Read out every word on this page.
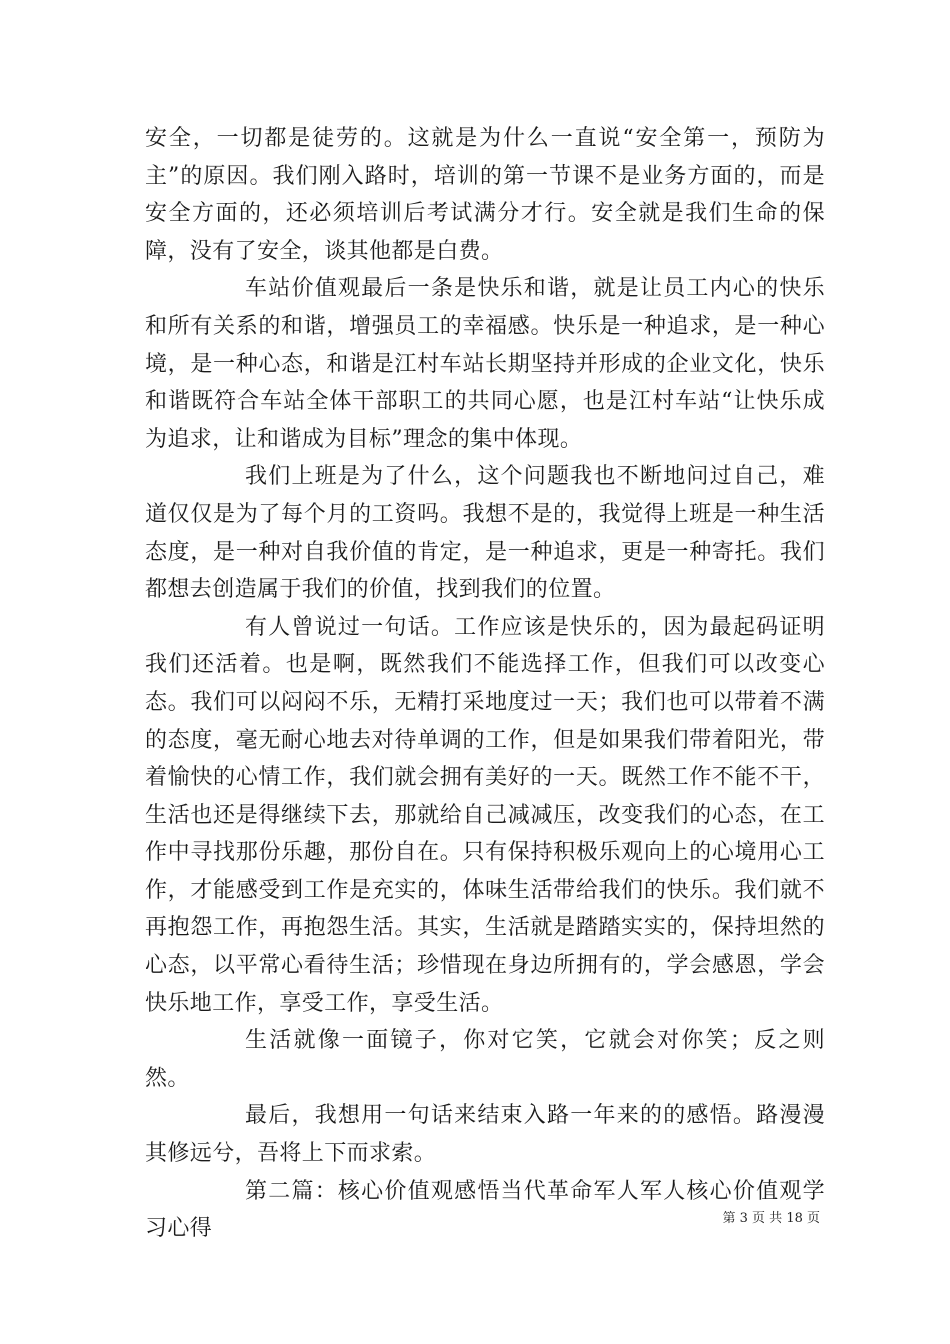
安全，一切都是徒劳的。这就是为什么一直说“安全第一，预防为主”的原因。我们刚入路时，培训的第一节课不是业务方面的，而是安全方面的，还必须培训后考试满分才行。安全就是我们生命的保障，没有了安全，谈其他都是白费。

车站价值观最后一条是快乐和谐，就是让员工内心的快乐和所有关系的和谐，增强员工的幸福感。快乐是一种追求，是一种心境，是一种心态，和谐是江村车站长期坚持并形成的企业文化，快乐和谐既符合车站全体干部职工的共同心愿，也是江村车站“让快乐成为追求，让和谐成为目标”理念的集中体现。

我们上班是为了什么，这个问题我也不断地问过自己，难道仅仅是为了每个月的工资吗。我想不是的，我觉得上班是一种生活态度，是一种对自我价值的肯定，是一种追求，更是一种寄托。我们都想去创造属于我们的价值，找到我们的位置。

有人曾说过一句话。工作应该是快乐的，因为最起码证明我们还活着。也是啊，既然我们不能选择工作，但我们可以改变心态。我们可以闷闷不乐，无精打采地度过一天；我们也可以带着不满的态度，毫无耐心地去对待单调的工作，但是如果我们带着阳光，带着愉快的心情工作，我们就会拥有美好的一天。既然工作不能不干，生活也还是得继续下去，那就给自己减减压，改变我们的心态，在工作中寻找那份乐趣，那份自在。只有保持积极乐观向上的心境用心工作，才能感受到工作是充实的，体味生活带给我们的快乐。我们就不再抱怨工作，再抱怨生活。其实，生活就是踏踏实实的，保持坦然的心态，以平常心看待生活；珍惜现在身边所拥有的，学会感恩，学会快乐地工作，享受工作，享受生活。

生活就像一面镜子，你对它笑，它就会对你笑；反之则然。

最后，我想用一句话来结束入路一年来的的感悟。路漫漫其修远兮，吾将上下而求索。

第二篇：核心价值观感悟当代革命军人军人核心价值观学习心得	第 3 页 共 18 页
